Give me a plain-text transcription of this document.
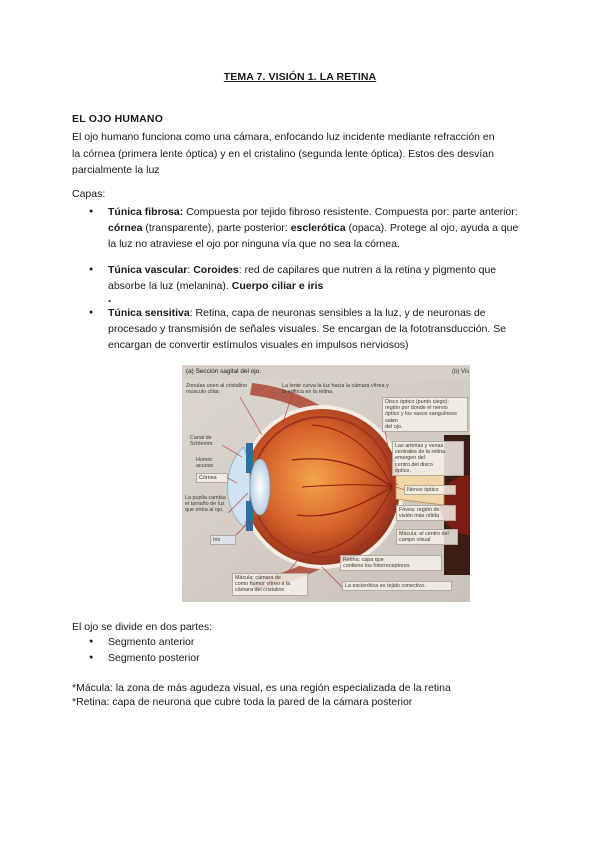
TEMA 7. VISIÓN 1. LA RETINA
EL OJO HUMANO
El ojo humano funciona como una cámara, enfocando luz incidente mediante refracción en
la córnea (primera lente óptica) y en el cristalino (segunda lente óptica). Estos des desvían
parcialmente la luz
Capas:
● Túnica fibrosa: Compuesta por tejido fibroso resistente. Compuesta por: parte anterior: córnea (transparente), parte posterior: esclerótica (opaca). Protege al ojo, ayuda a que la luz no atraviese el ojo por ninguna vía que no sea la córnea.
● Túnica vascular: Coroides: red de capilares que nutren a la retina y pigmento que absorbe la luz (melanina). Cuerpo ciliar e iris
.
● Túnica sensitiva: Retina, capa de neuronas sensibles a la luz, y de neuronas de procesado y transmisión de señales visuales. Se encargan de la fototransducción. Se encargan de convertir estímulos visuales en impulsos nerviosos)
(a) Sección sagital del ojo.	(b) Vis
Zonulas unen al cristalino
músculo ciliar.
La lente curva la luz hacia la cámara vítrea y
la enfoca en la retina.
Disco óptico (punto ciego):
región por donde el nervio
óptico y los vasos sanguíneos salen
del ojo.
Canal de
Schlemm
Humor
acuoso
Córnea
La pupila cambia
el tamaño de luz
que entra al ojo.
Iris
Las arterias y venas
centrales de la retina
emergen del
centro del disco
óptico.
Nervio óptico
Fóvea: región de
visión más nítida
Mácula: el centro del
campo visual
Retina: capa que
contiene los fotorreceptores
La esclerótica es tejido conectivo.
Mácula: cámara de
como humor vítreo a la
cámara del cristalino
El ojo se divide en dos partes:
● Segmento anterior
● Segmento posterior
*Mácula: la zona de más agudeza visual, es una región especializada de la retina
*Retina: capa de neurona que cubre toda la pared de la cámara posterior
